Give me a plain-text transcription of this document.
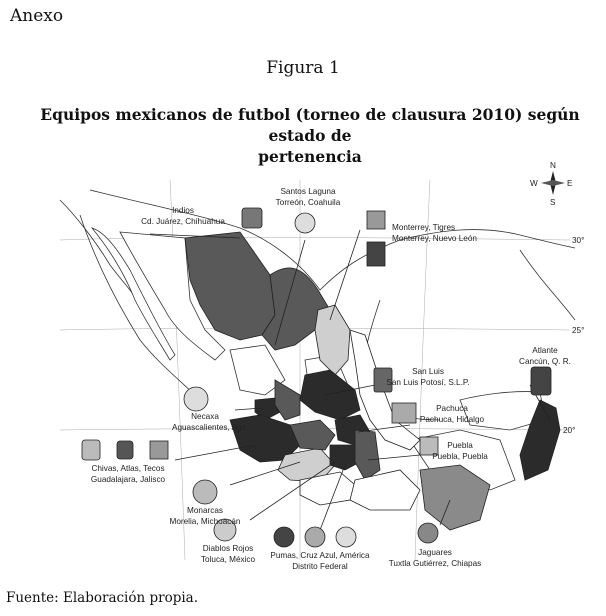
Anexo
Figura 1
Equipos mexicanos de futbol (torneo de clausura 2010) según estado de
pertenencia
30°
25°
20°
N
S
E
W
Indios
Cd. Juárez, Chihuahua
Santos Laguna
Torreón, Coahuila
Monterrey, Tigres
Monterrey, Nuevo León
Atlante
Cancún, Q. R.
San Luis
San Luis Potosí, S.L.P.
Pachuca
Pachuca, Hidalgo
Puebla
Puebla, Puebla
Necaxa
Aguascalientes, Ags.
Chivas, Atlas, Tecos
Guadalajara, Jalisco
Monarcas
Morelia, Michoacán
Diablos Rojos
Toluca, México Pumas, Cruz Azul, América
Distrito Federal
Jaguares
Tuxtla Gutiérrez, Chiapas
Fuente: Elaboración propia.
